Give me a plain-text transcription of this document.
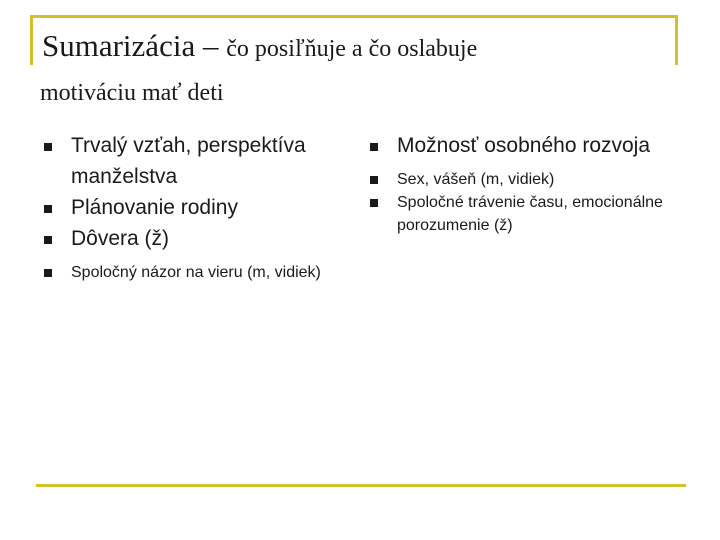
Sumarizácia – čo posiľňuje a čo oslabuje
motiváciu mať deti
Trvalý vzťah, perspektíva manželstva
Plánovanie rodiny
Dôvera (ž)
Spoločný názor na vieru (m, vidiek)
Možnosť osobného rozvoja
Sex, vášeň (m, vidiek)
Spoločné trávenie času, emocionálne porozumenie (ž)
